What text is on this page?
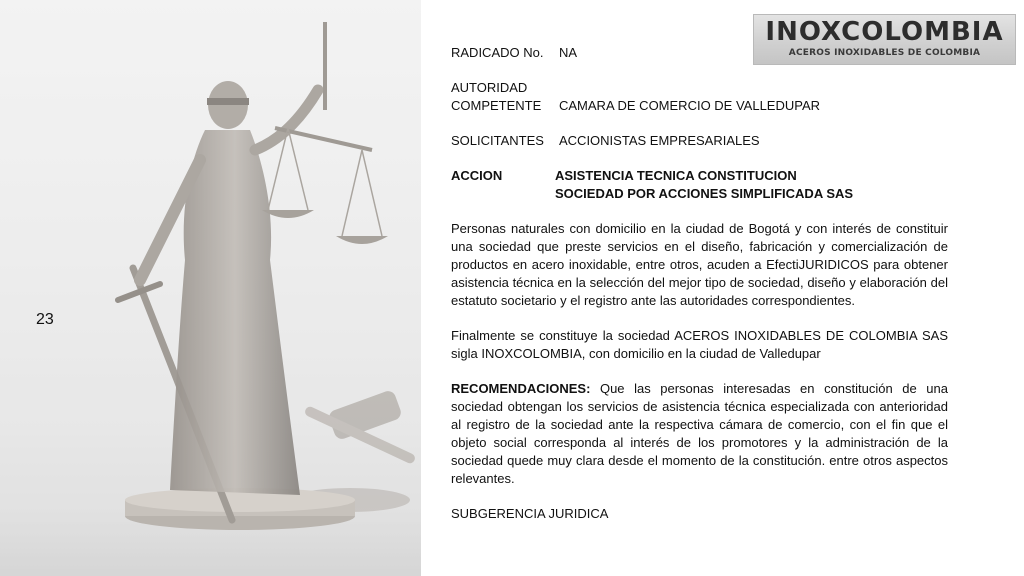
23
INOXCOLOMBIA
ACEROS INOXIDABLES DE COLOMBIA
RADICADO No.	NA
AUTORIDAD
COMPETENTE	CAMARA DE COMERCIO DE VALLEDUPAR
SOLICITANTES	ACCIONISTAS EMPRESARIALES
ACCION	ASISTENCIA TECNICA CONSTITUCION
SOCIEDAD POR ACCIONES SIMPLIFICADA SAS
Personas naturales con domicilio en la ciudad de Bogotá y con interés de constituir una sociedad que preste servicios en el diseño, fabricación y comercialización de productos en acero inoxidable, entre otros, acuden a EfectiJURIDICOS para obtener asistencia técnica en la selección del mejor tipo de sociedad, diseño y elaboración del estatuto societario y el registro ante las autoridades correspondientes.
Finalmente se constituye la sociedad ACEROS INOXIDABLES DE COLOMBIA SAS sigla INOXCOLOMBIA, con domicilio en la ciudad de Valledupar
RECOMENDACIONES: Que las personas interesadas en constitución de una sociedad obtengan los servicios de asistencia técnica especializada con anterioridad al registro de la sociedad ante la respectiva cámara de comercio, con el fin que el objeto social corresponda al interés de los promotores y la administración de la sociedad quede muy clara desde el momento de la constitución. entre otros aspectos relevantes.
SUBGERENCIA JURIDICA
